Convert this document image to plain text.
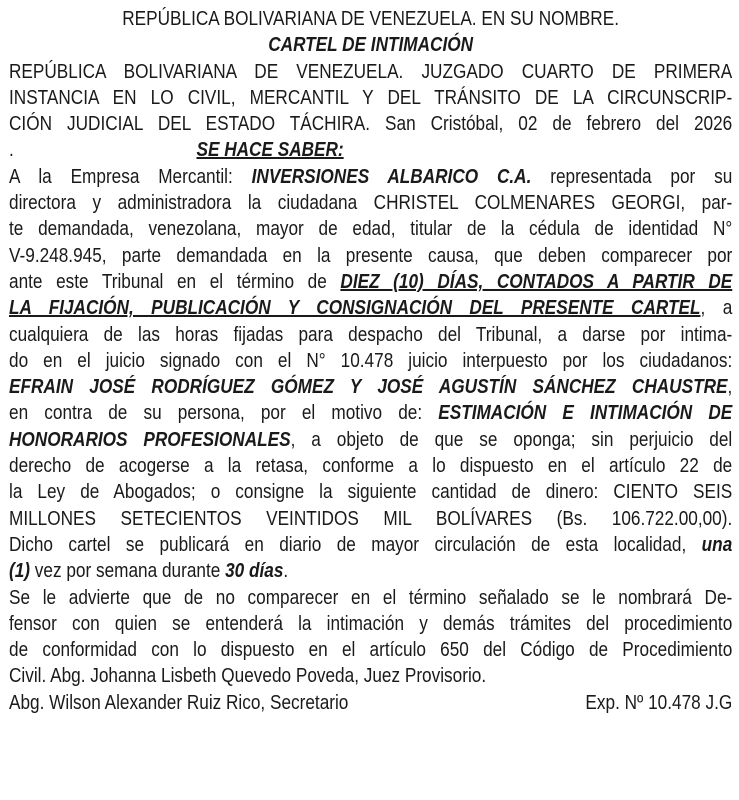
REPÚBLICA BOLIVARIANA DE VENEZUELA. EN SU NOMBRE.
CARTEL DE INTIMACIÓN
REPÚBLICA BOLIVARIANA DE VENEZUELA. JUZGADO CUARTO DE PRIMERA
INSTANCIA EN LO CIVIL, MERCANTIL Y DEL TRÁNSITO DE LA CIRCUNSCRIP-
CIÓN JUDICIAL DEL ESTADO TÁCHIRA. San Cristóbal, 02 de febrero del 2026
.	SE HACE SABER:
A la Empresa Mercantil: INVERSIONES ALBARICO C.A. representada por su
directora y administradora la ciudadana CHRISTEL COLMENARES GEORGI, par-
te demandada, venezolana, mayor de edad, titular de la cédula de identidad N°
V-9.248.945, parte demandada en la presente causa, que deben comparecer por
ante este Tribunal en el término de DIEZ (10) DÍAS, CONTADOS A PARTIR DE
LA FIJACIÓN, PUBLICACIÓN Y CONSIGNACIÓN DEL PRESENTE CARTEL, a
cualquiera de las horas fijadas para despacho del Tribunal, a darse por intima-
do en el juicio signado con el N° 10.478 juicio interpuesto por los ciudadanos:
EFRAIN JOSÉ RODRÍGUEZ GÓMEZ Y JOSÉ AGUSTÍN SÁNCHEZ CHAUSTRE,
en contra de su persona, por el motivo de: ESTIMACIÓN E INTIMACIÓN DE
HONORARIOS PROFESIONALES, a objeto de que se oponga; sin perjuicio del
derecho de acogerse a la retasa, conforme a lo dispuesto en el artículo 22 de
la Ley de Abogados; o consigne la siguiente cantidad de dinero: CIENTO SEIS
MILLONES SETECIENTOS VEINTIDOS MIL BOLÍVARES (Bs. 106.722.00,00).
Dicho cartel se publicará en diario de mayor circulación de esta localidad, una
(1) vez por semana durante 30 días.
Se le advierte que de no comparecer en el término señalado se le nombrará De-
fensor con quien se entenderá la intimación y demás trámites del procedimiento
de conformidad con lo dispuesto en el artículo 650 del Código de Procedimiento
Civil. Abg. Johanna Lisbeth Quevedo Poveda, Juez Provisorio.
Abg. Wilson Alexander Ruiz Rico, Secretario	Exp. Nº 10.478 J.G
